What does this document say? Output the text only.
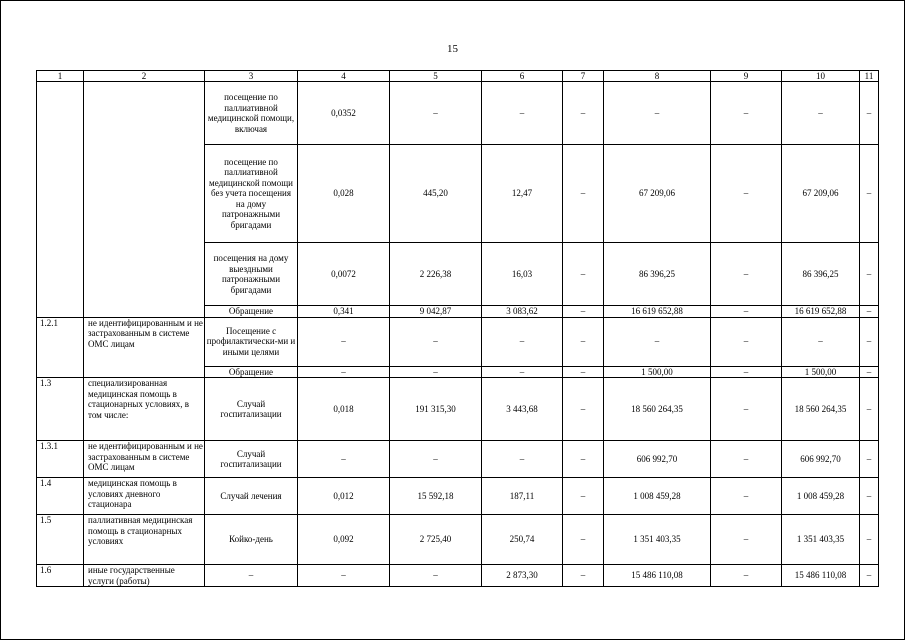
15
1	2	3	4	5	6	7	8	9	10	11
		посещение по паллиативной медицинской помощи, включая	0,0352	–	–	–	–	–	–	–
		посещение по паллиативной медицинской помощи без учета посещения на дому патронажными бригадами	0,028	445,20	12,47	–	67 209,06	–	67 209,06	–
		посещения на дому выездными патронажными бригадами	0,0072	2 226,38	16,03	–	86 396,25	–	86 396,25	–
		Обращение	0,341	9 042,87	3 083,62	–	16 619 652,88	–	16 619 652,88	–
1.2.1	не идентифицированным и не застрахованным в системе ОМС лицам	Посещение с профилактически-ми и иными целями	–	–	–	–	–	–	–	–
		Обращение	–	–	–	–	1 500,00	–	1 500,00	–
1.3	специализированная медицинская помощь в стационарных условиях, в том числе:	Случай госпитализации	0,018	191 315,30	3 443,68	–	18 560 264,35	–	18 560 264,35	–
1.3.1	не идентифицированным и не застрахованным в системе ОМС лицам	Случай госпитализации	–	–	–	–	606 992,70	–	606 992,70	–
1.4	медицинская помощь в условиях дневного стационара	Случай лечения	0,012	15 592,18	187,11	–	1 008 459,28	–	1 008 459,28	–
1.5	паллиативная медицинская помощь в стационарных условиях	Койко-день	0,092	2 725,40	250,74	–	1 351 403,35	–	1 351 403,35	–
1.6	иные государственные услуги (работы)	–	–	–	2 873,30	–	15 486 110,08	–	15 486 110,08	–
